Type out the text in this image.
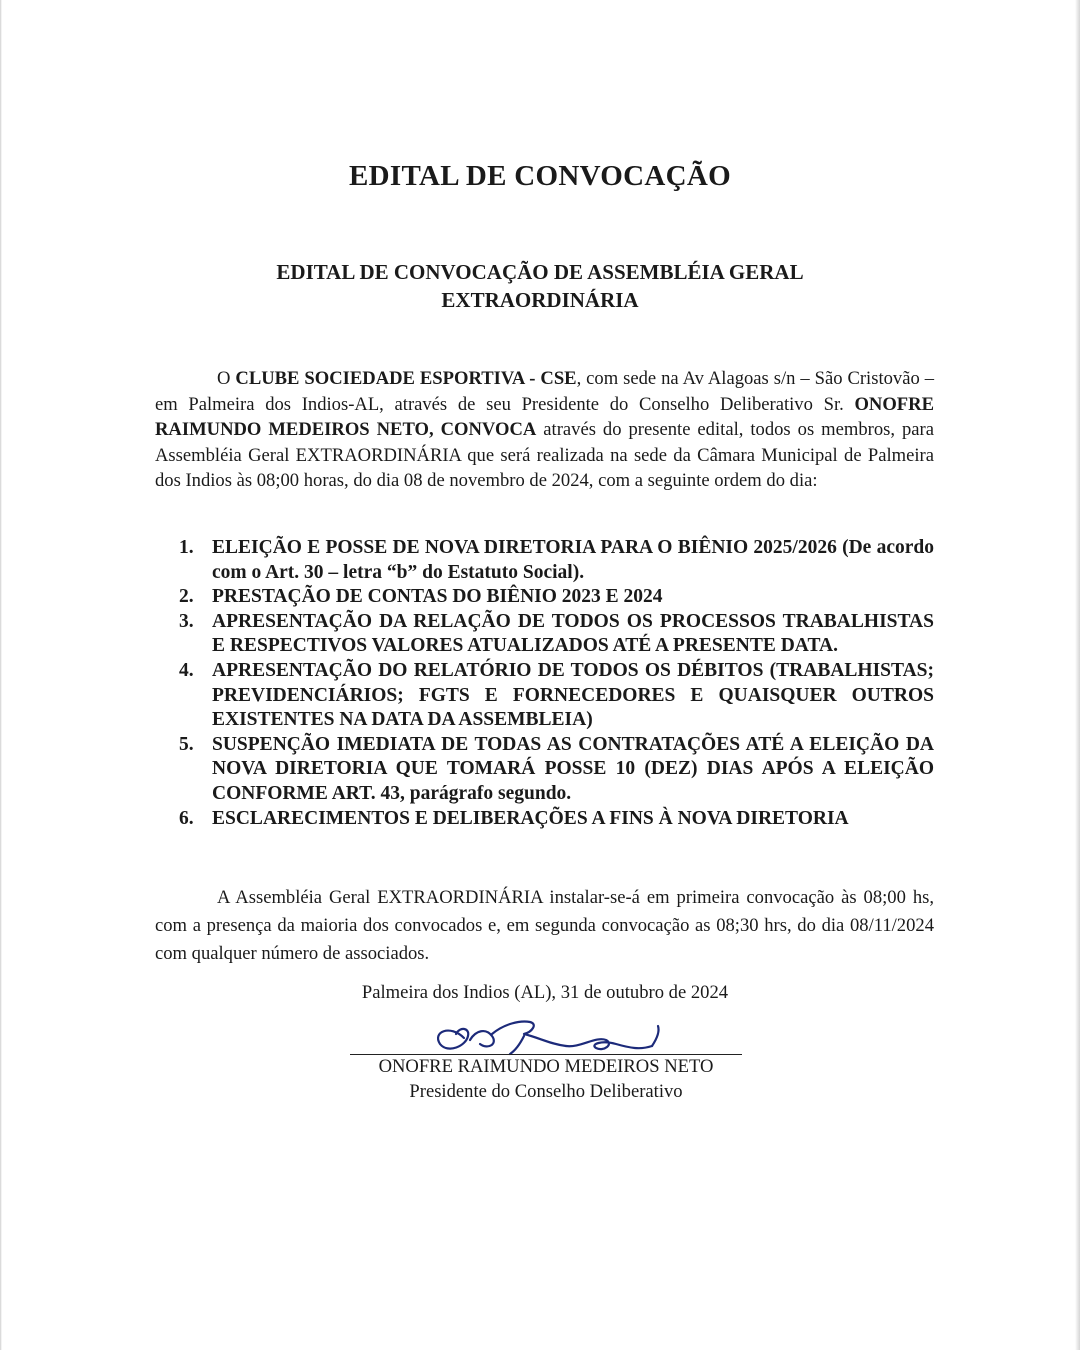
EDITAL DE CONVOCAÇÃO
EDITAL DE CONVOCAÇÃO DE ASSEMBLÉIA GERAL
EXTRAORDINÁRIA

O CLUBE SOCIEDADE ESPORTIVA - CSE, com sede na Av Alagoas s/n – São Cristovão – em Palmeira dos Indios-AL, através de seu Presidente do Conselho Deliberativo Sr. ONOFRE RAIMUNDO MEDEIROS NETO, CONVOCA através do presente edital, todos os membros, para Assembléia Geral EXTRAORDINÁRIA que será realizada na sede da Câmara Municipal de Palmeira dos Indios às 08;00 horas, do dia 08 de novembro de 2024, com a seguinte ordem do dia:

1. ELEIÇÃO E POSSE DE NOVA DIRETORIA PARA O BIÊNIO 2025/2026 (De acordo com o Art. 30 – letra “b” do Estatuto Social).
2. PRESTAÇÃO DE CONTAS DO BIÊNIO 2023 E 2024
3. APRESENTAÇÃO DA RELAÇÃO DE TODOS OS PROCESSOS TRABALHISTAS E RESPECTIVOS VALORES ATUALIZADOS ATÉ A PRESENTE DATA.
4. APRESENTAÇÃO DO RELATÓRIO DE TODOS OS DÉBITOS (TRABALHISTAS; PREVIDENCIÁRIOS; FGTS E FORNECEDORES E QUAISQUER OUTROS EXISTENTES NA DATA DA ASSEMBLEIA)
5. SUSPENÇÃO IMEDIATA DE TODAS AS CONTRATAÇÕES ATÉ A ELEIÇÃO DA NOVA DIRETORIA QUE TOMARÁ POSSE 10 (DEZ) DIAS APÓS A ELEIÇÃO CONFORME ART. 43, parágrafo segundo.
6. ESCLARECIMENTOS E DELIBERAÇÕES A FINS À NOVA DIRETORIA

A Assembléia Geral EXTRAORDINÁRIA instalar-se-á em primeira convocação às 08;00 hs, com a presença da maioria dos convocados e, em segunda convocação as 08;30 hrs, do dia 08/11/2024 com qualquer número de associados.

Palmeira dos Indios (AL), 31 de outubro de 2024

ONOFRE RAIMUNDO MEDEIROS NETO

Presidente do Conselho Deliberativo
